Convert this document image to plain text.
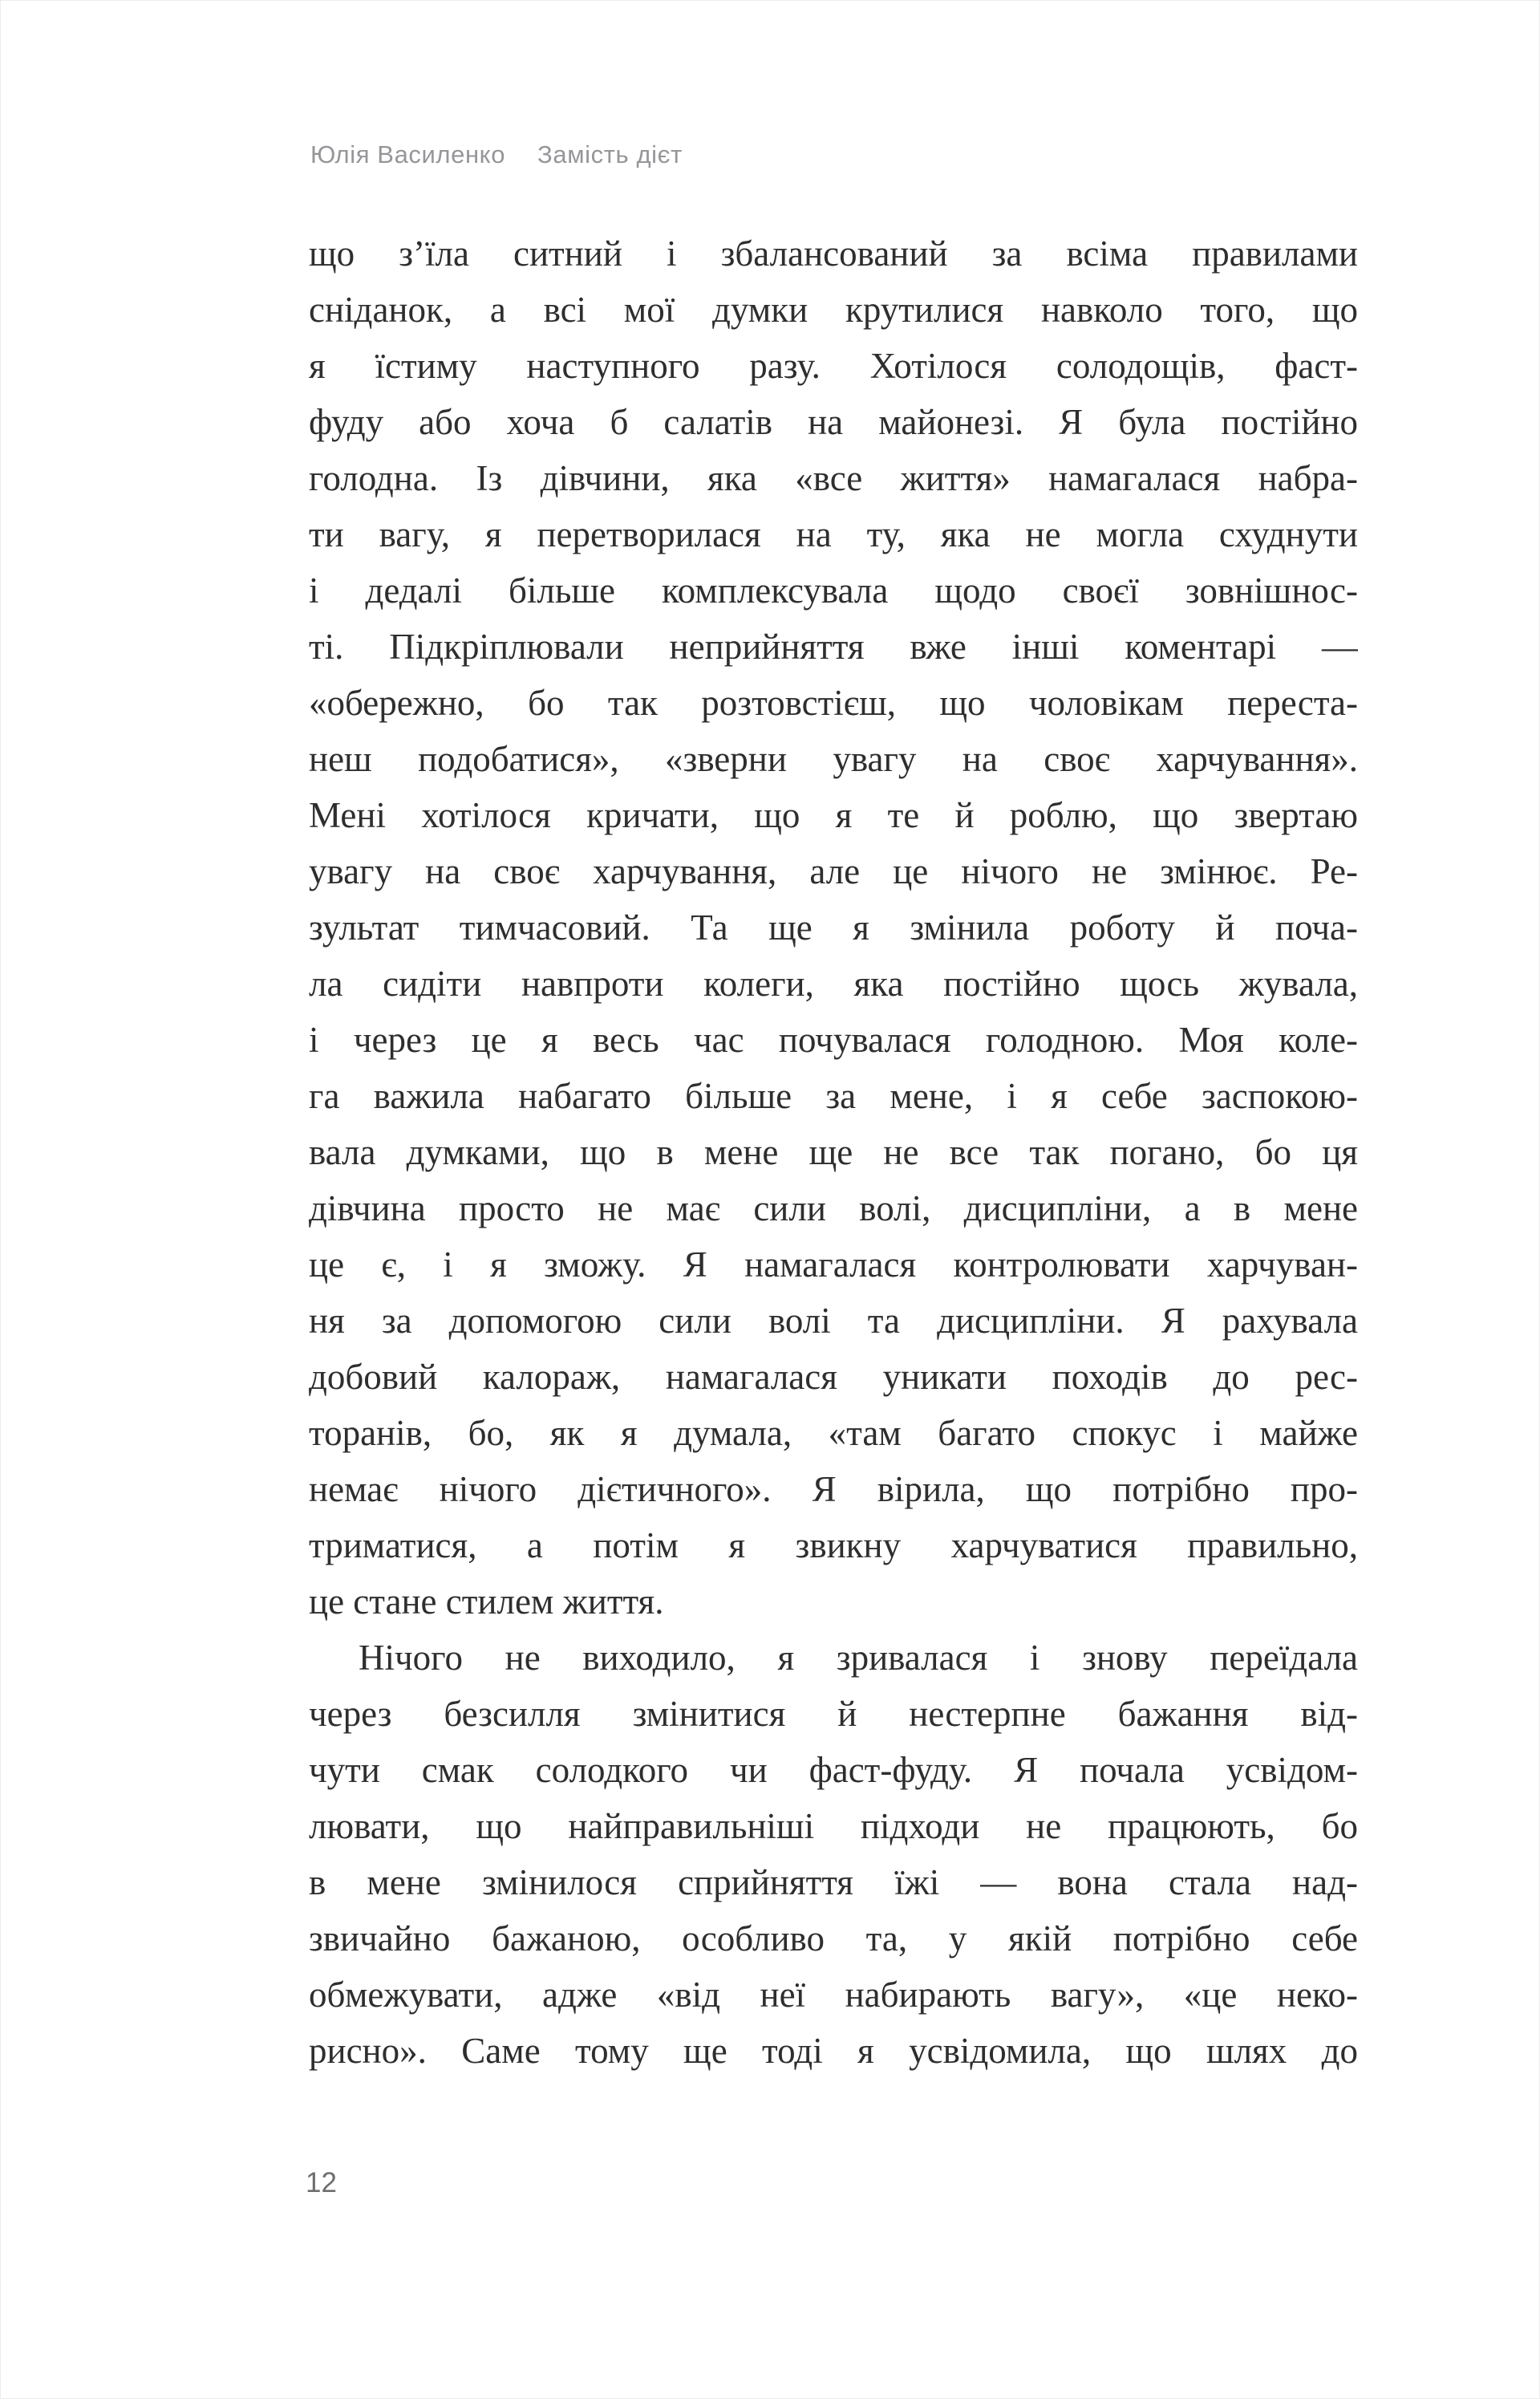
Юлія Василенко Замість дієт
що з’їла ситний і збалансований за всіма правилами
сніданок, а всі мої думки крутилися навколо того, що
я їстиму наступного разу. Хотілося солодощів, фаст-
фуду або хоча б салатів на майонезі. Я була постійно
голодна. Із дівчини, яка «все життя» намагалася набра-
ти вагу, я перетворилася на ту, яка не могла схуднути
і дедалі більше комплексувала щодо своєї зовнішнос-
ті. Підкріплювали неприйняття вже інші коментарі —
«обережно, бо так розтовстієш, що чоловікам переста-
неш подобатися», «зверни увагу на своє харчування».
Мені хотілося кричати, що я те й роблю, що звертаю
увагу на своє харчування, але це нічого не змінює. Ре-
зультат тимчасовий. Та ще я змінила роботу й поча-
ла сидіти навпроти колеги, яка постійно щось жувала,
і через це я весь час почувалася голодною. Моя коле-
га важила набагато більше за мене, і я себе заспокою-
вала думками, що в мене ще не все так погано, бо ця
дівчина просто не має сили волі, дисципліни, а в мене
це є, і я зможу. Я намагалася контролювати харчуван-
ня за допомогою сили волі та дисципліни. Я рахувала
добовий калораж, намагалася уникати походів до рес-
торанів, бо, як я думала, «там багато спокус і майже
немає нічого дієтичного». Я вірила, що потрібно про-
триматися, а потім я звикну харчуватися правильно,
це стане стилем життя.
Нічого не виходило, я зривалася і знову переїдала
через безсилля змінитися й нестерпне бажання від-
чути смак солодкого чи фаст-фуду. Я почала усвідом-
лювати, що найправильніші підходи не працюють, бо
в мене змінилося сприйняття їжі — вона стала над-
звичайно бажаною, особливо та, у якій потрібно себе
обмежувати, адже «від неї набирають вагу», «це неко-
рисно». Саме тому ще тоді я усвідомила, що шлях до
12
